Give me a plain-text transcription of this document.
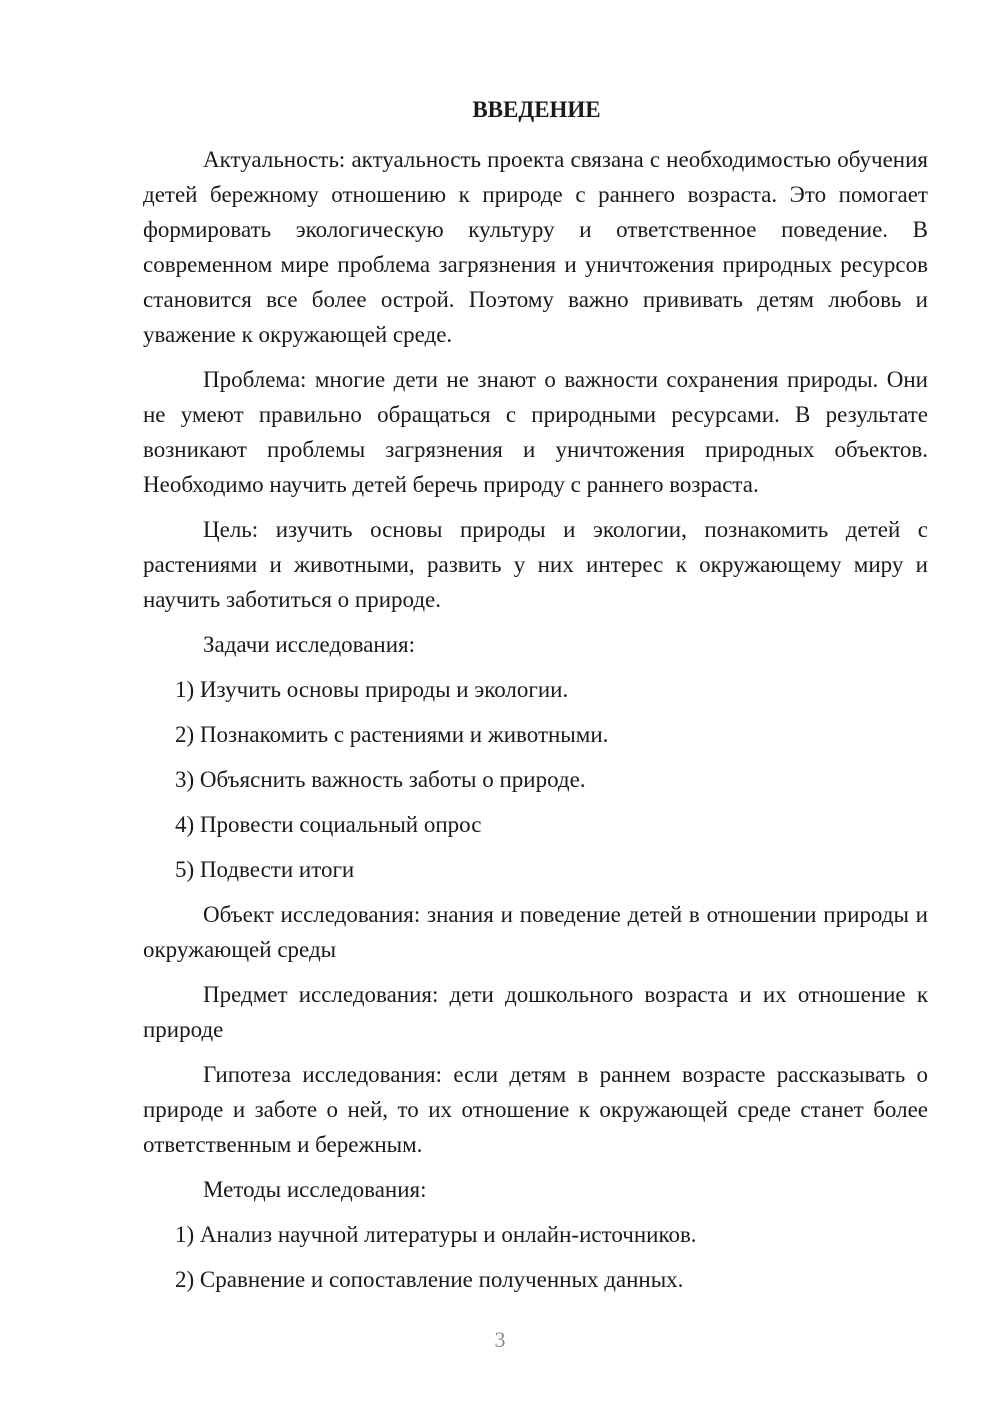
ВВЕДЕНИЕ

Актуальность: актуальность проекта связана с необходимостью обучения детей бережному отношению к природе с раннего возраста. Это помогает формировать экологическую культуру и ответственное поведение. В современном мире проблема загрязнения и уничтожения природных ресурсов становится все более острой. Поэтому важно прививать детям любовь и уважение к окружающей среде.

Проблема: многие дети не знают о важности сохранения природы. Они не умеют правильно обращаться с природными ресурсами. В результате возникают проблемы загрязнения и уничтожения природных объектов. Необходимо научить детей беречь природу с раннего возраста.

Цель: изучить основы природы и экологии, познакомить детей с растениями и животными, развить у них интерес к окружающему миру и научить заботиться о природе.

Задачи исследования:

1) Изучить основы природы и экологии.
2) Познакомить с растениями и животными.
3) Объяснить важность заботы о природе.
4) Провести социальный опрос
5) Подвести итоги

Объект исследования: знания и поведение детей в отношении природы и окружающей среды

Предмет исследования: дети дошкольного возраста и их отношение к природе

Гипотеза исследования: если детям в раннем возрасте рассказывать о природе и заботе о ней, то их отношение к окружающей среде станет более ответственным и бережным.

Методы исследования:

1) Анализ научной литературы и онлайн-источников.
2) Сравнение и сопоставление полученных данных.
3
